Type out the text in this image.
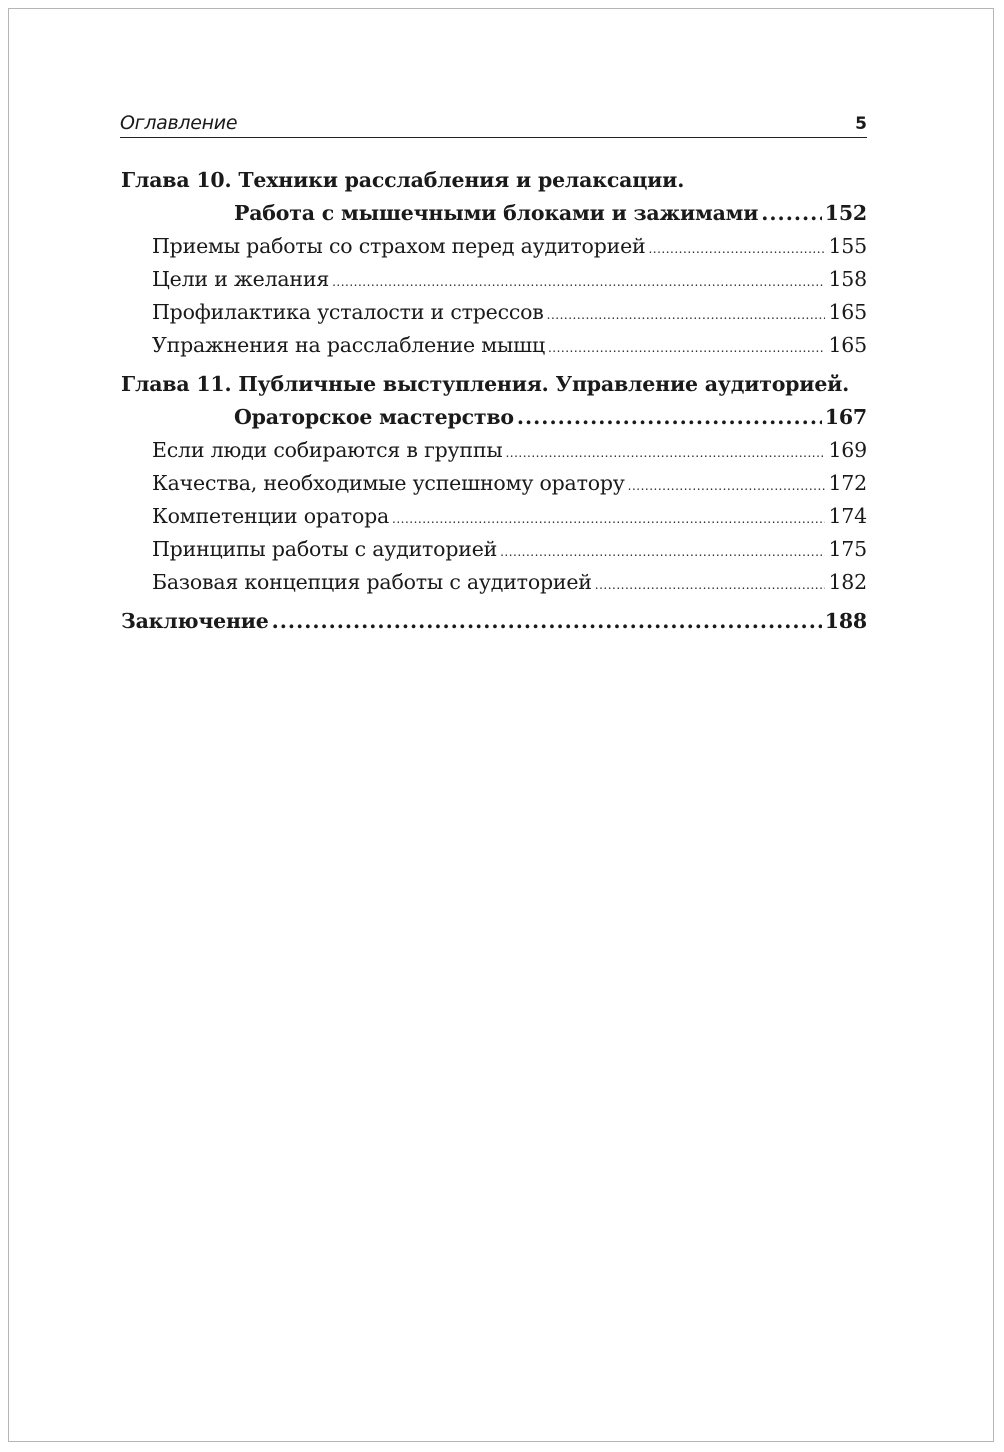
Оглавление	5
Глава 10. Техники расслабления и релаксации.
Работа с мышечными блоками и зажимами .....	152
Приемы работы со страхом перед аудиторией .....	155
Цели и желания .....	158
Профилактика усталости и стрессов .....	165
Упражнения на расслабление мышц .....	165
Глава 11. Публичные выступления. Управление аудиторией.
Ораторское мастерство .....	167
Если люди собираются в группы .....	169
Качества, необходимые успешному оратору .....	172
Компетенции оратора .....	174
Принципы работы с аудиторией .....	175
Базовая концепция работы с аудиторией .....	182
Заключение .....	188
